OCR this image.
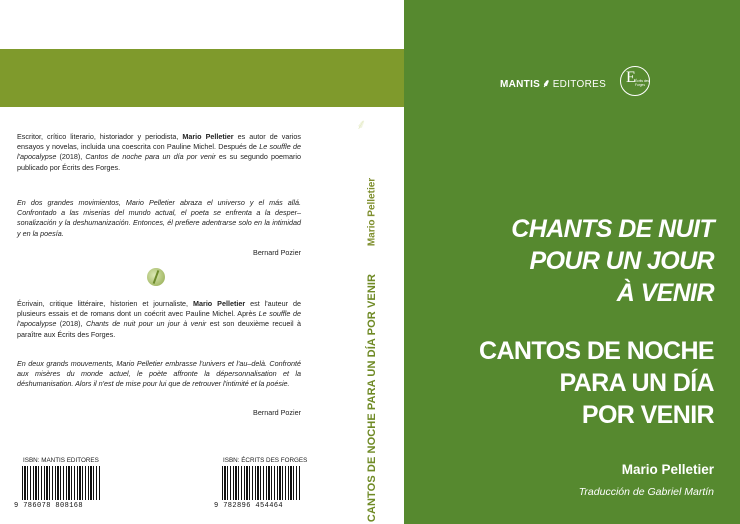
Escritor, crítico literario, historiador y periodista, Mario Pelletier es autor de varios ensayos y novelas, incluida una coescrita con Pauline Michel. Después de Le souffle de l'apocalypse (2018), Cantos de noche para un día por venir es su segundo poemario publicado por Écrits des Forges.
En dos grandes movimientos, Mario Pelletier abraza el universo y el más allá. Confrontado a las miserias del mundo actual, el poeta se enfrenta a la desper–sonalización y la deshumanización. Entonces, él prefiere adentrarse solo en la intimidad y en la poesía.
Bernard Pozier
Écrivain, critique littéraire, historien et journaliste, Mario Pelletier est l'auteur de plusieurs essais et de romans dont un coécrit avec Pauline Michel. Après Le souffle de l'apocalypse (2018), Chants de nuit pour un jour à venir est son deuxième recueil à paraître aux Écrits des Forges.
En deux grands mouvements, Mario Pelletier embrasse l'univers et l'au–delà. Confronté aux misères du monde actuel, le poète affronte la dépersonnalisation et la déshumanisation. Alors il n'est de mise pour lui que de retrouver l'intimité et la poésie.
Bernard Pozier
ISBN: MANTIS EDITORES
9 786078 808168
ISBN: ÉCRITS DES FORGES
9 782896 454464
⸙
Mario Pelletier
CANTOS DE NOCHE PARA UN DÍA POR VENIR
MANTIS ⸙ EDITORES E Écrits des Forges
CHANTS DE NUIT
POUR UN JOUR
À VENIR
CANTOS DE NOCHE
PARA UN DÍA
POR VENIR
Mario Pelletier
Traducción de Gabriel Martín
